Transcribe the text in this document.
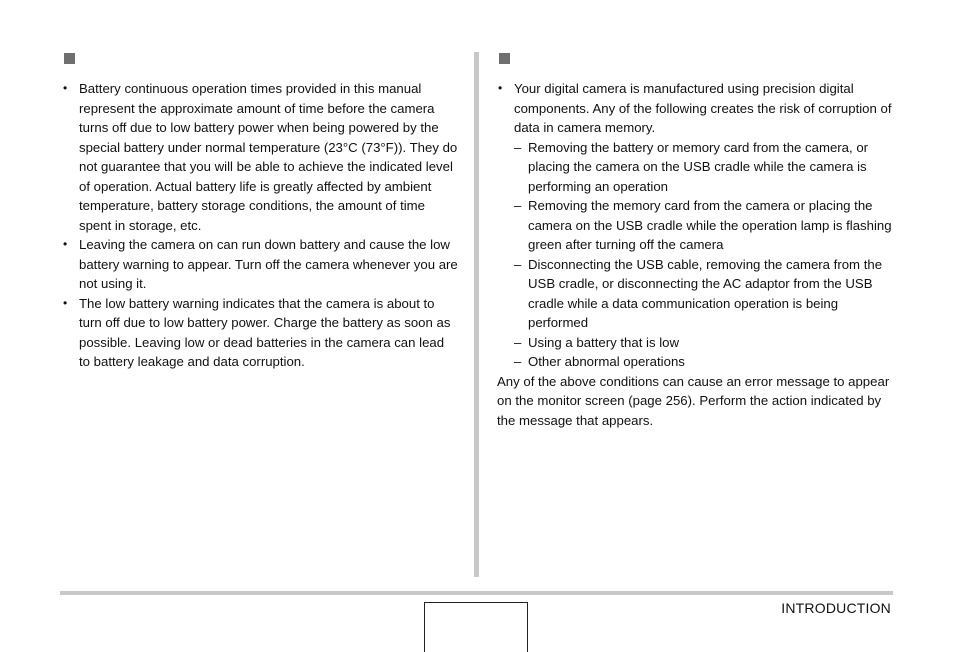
• Battery continuous operation times provided in this manual represent the approximate amount of time before the camera turns off due to low battery power when being powered by the special battery under normal temperature (23°C (73°F)). They do not guarantee that you will be able to achieve the indicated level of operation. Actual battery life is greatly affected by ambient temperature, battery storage conditions, the amount of time spent in storage, etc.
• Leaving the camera on can run down battery and cause the low battery warning to appear. Turn off the camera whenever you are not using it.
• The low battery warning indicates that the camera is about to turn off due to low battery power. Charge the battery as soon as possible. Leaving low or dead batteries in the camera can lead to battery leakage and data corruption.
• Your digital camera is manufactured using precision digital components. Any of the following creates the risk of corruption of data in camera memory.
– Removing the battery or memory card from the camera, or placing the camera on the USB cradle while the camera is performing an operation
– Removing the memory card from the camera or placing the camera on the USB cradle while the operation lamp is flashing green after turning off the camera
– Disconnecting the USB cable, removing the camera from the USB cradle, or disconnecting the AC adaptor from the USB cradle while a data communication operation is being performed
– Using a battery that is low
– Other abnormal operations

Any of the above conditions can cause an error message to appear on the monitor screen (page 256). Perform the action indicated by the message that appears.

INTRODUCTION
